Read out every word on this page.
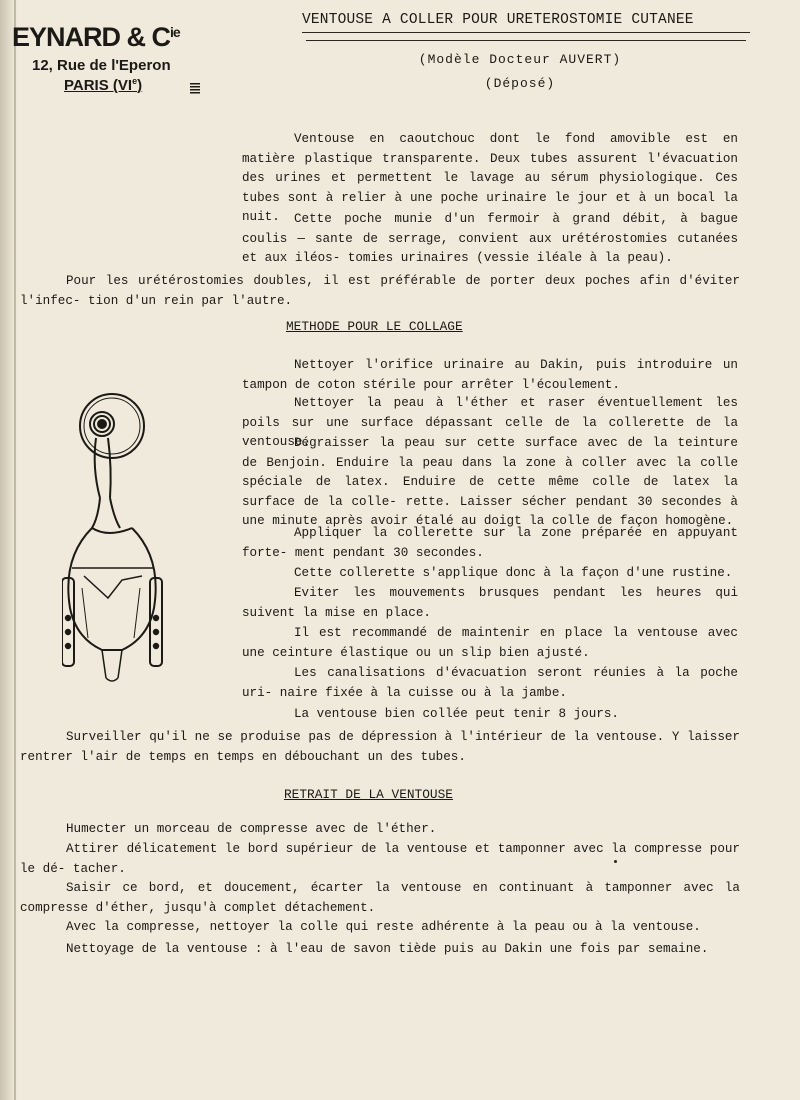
EYNARD & $C^{ie}$
12, Rue de l'Eperon
PARIS (VIe)
VENTOUSE A COLLER POUR URETEROSTOMIE CUTANEE
(Modèle Docteur AUVERT)
(Déposé)
Ventouse en caoutchouc dont le fond amovible est en matière plastique transparente. Deux tubes assurent l'évacuation des urines et permettent le lavage au sérum physiologique. Ces tubes sont à relier à une poche urinaire le jour et à un bocal la nuit.	Cette poche munie d'un fermoir à grand débit, à bague coulis — sante de serrage, convient aux urétérostomies cutanées et aux iléos- tomies urinaires (vessie iléale à la peau).
Pour les urétérostomies doubles, il est préférable de porter deux poches afin d'éviter l'infec- tion d'un rein par l'autre.
METHODE POUR LE COLLAGE
Nettoyer l'orifice urinaire au Dakin, puis introduire un tampon de coton stérile pour arrêter l'écoulement.
Nettoyer la peau à l'éther et raser éventuellement les poils sur une surface dépassant celle de la collerette de la ventouse.
Dégraisser la peau sur cette surface avec de la teinture de Benjoin. Enduire la peau dans la zone à coller avec la colle spéciale de latex. Enduire de cette même colle de latex la surface de la colle- rette. Laisser sécher pendant 30 secondes à une minute après avoir étalé au doigt la colle de façon homogène.
Appliquer la collerette sur la zone préparée en appuyant forte- ment pendant 30 secondes.
Cette collerette s'applique donc à la façon d'une rustine.
Eviter les mouvements brusques pendant les heures qui suivent la mise en place.
Il est recommandé de maintenir en place la ventouse avec une ceinture élastique ou un slip bien ajusté.
Les canalisations d'évacuation seront réunies à la poche uri- naire fixée à la cuisse ou à la jambe.
La ventouse bien collée peut tenir 8 jours.
Surveiller qu'il ne se produise pas de dépression à l'intérieur de la ventouse. Y laisser rentrer l'air de temps en temps en débouchant un des tubes.
RETRAIT DE LA VENTOUSE
Humecter un morceau de compresse avec de l'éther.
Attirer délicatement le bord supérieur de la ventouse et tamponner avec la compresse pour le dé- tacher.
Saisir ce bord, et doucement, écarter la ventouse en continuant à tamponner avec la compresse d'éther, jusqu'à complet détachement.
Avec la compresse, nettoyer la colle qui reste adhérente à la peau ou à la ventouse.
Nettoyage de la ventouse : à l'eau de savon tiède puis au Dakin une fois par semaine.
